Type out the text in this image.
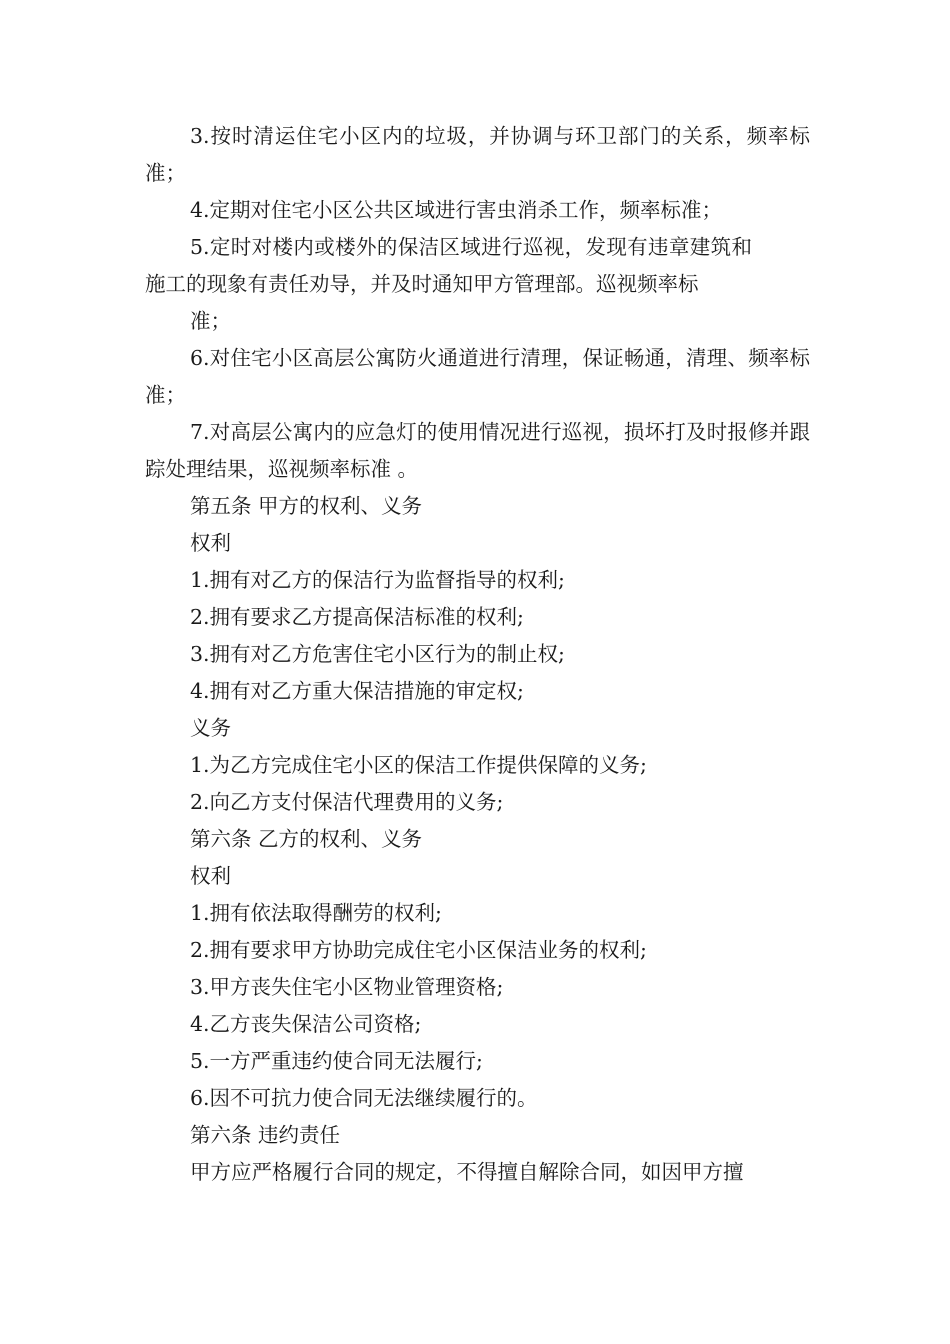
3.按时清运住宅小区内的垃圾，并协调与环卫部门的关系，频率标准；

4.定期对住宅小区公共区域进行害虫消杀工作，频率标准；

5.定时对楼内或楼外的保洁区域进行巡视，发现有违章建筑和施工的现象有责任劝导，并及时通知甲方管理部。巡视频率标

准；

6.对住宅小区高层公寓防火通道进行清理，保证畅通，清理、频率标准；

7.对高层公寓内的应急灯的使用情况进行巡视，损坏打及时报修并跟踪处理结果，巡视频率标准 。

第五条 甲方的权利、义务

权利

1.拥有对乙方的保洁行为监督指导的权利;

2.拥有要求乙方提高保洁标准的权利;

3.拥有对乙方危害住宅小区行为的制止权;

4.拥有对乙方重大保洁措施的审定权;

义务

1.为乙方完成住宅小区的保洁工作提供保障的义务;

2.向乙方支付保洁代理费用的义务;

第六条 乙方的权利、义务

权利

1.拥有依法取得酬劳的权利;

2.拥有要求甲方协助完成住宅小区保洁业务的权利;

3.甲方丧失住宅小区物业管理资格;

4.乙方丧失保洁公司资格;

5.一方严重违约使合同无法履行;

6.因不可抗力使合同无法继续履行的。

第六条 违约责任

甲方应严格履行合同的规定，不得擅自解除合同，如因甲方擅
